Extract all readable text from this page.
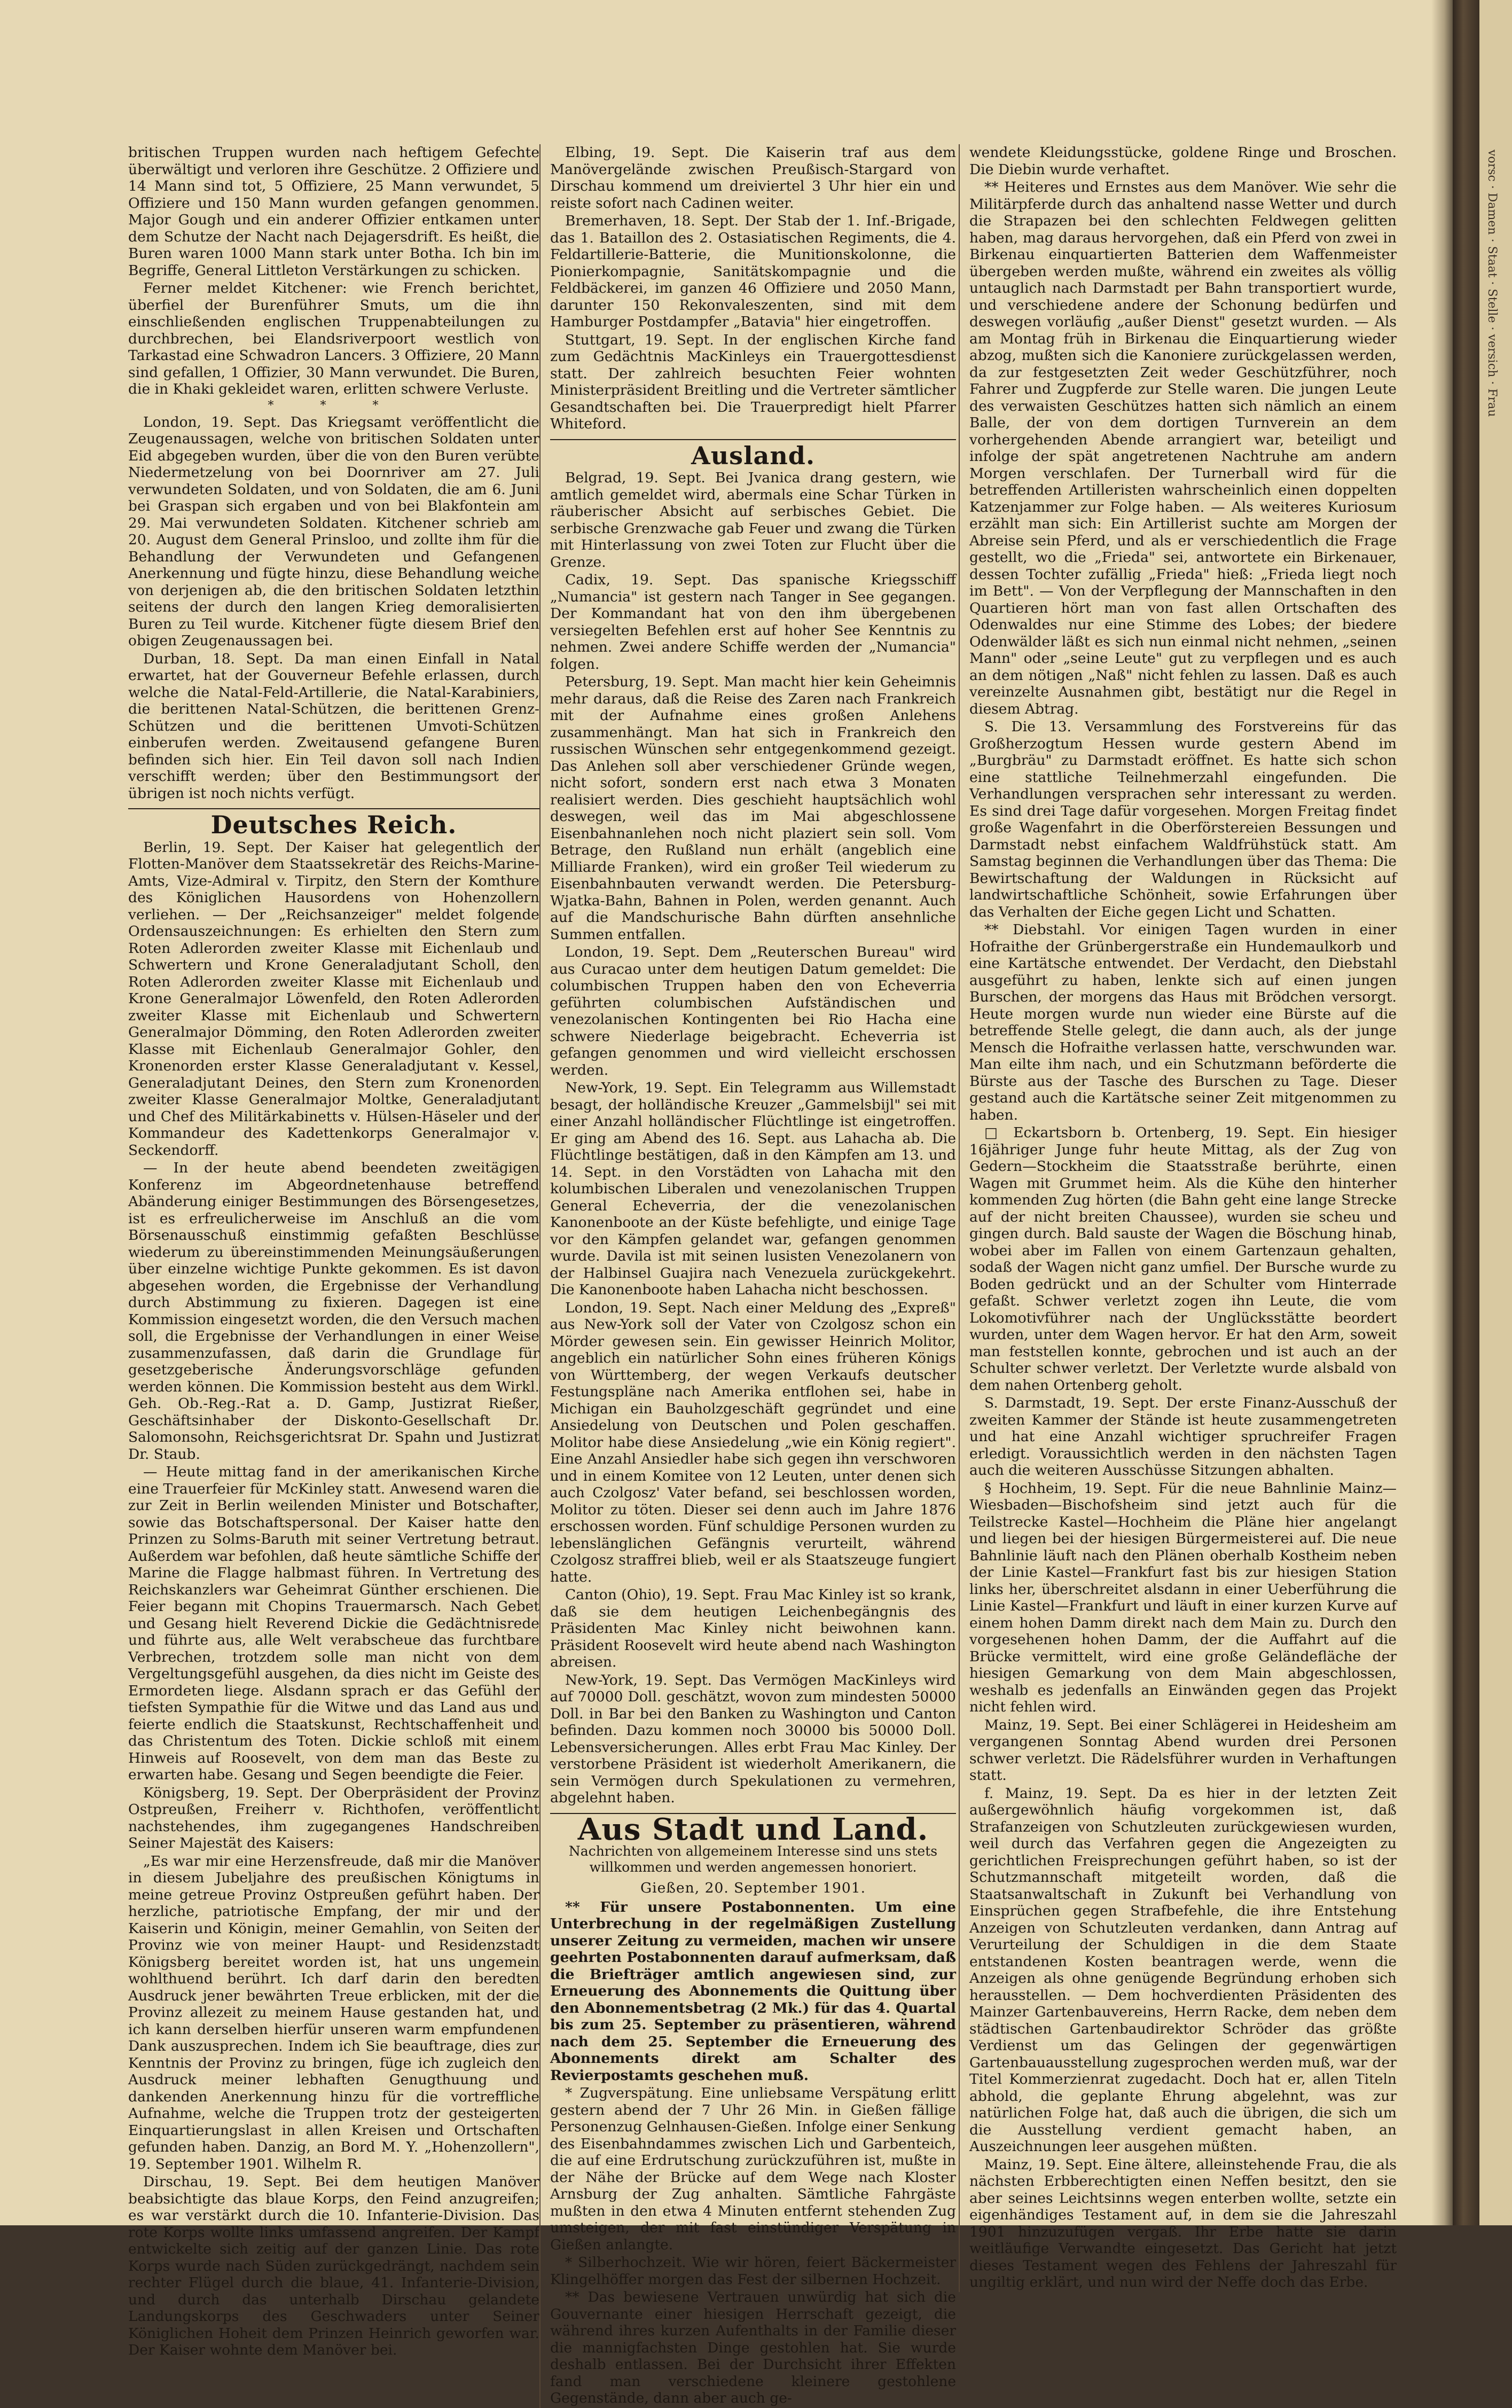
britischen Truppen wurden nach heftigem Gefechte überwältigt und verloren ihre Geschütze. 2 Offiziere und 14 Mann sind tot, 5 Offiziere, 25 Mann verwundet, 5 Offiziere und 150 Mann wurden gefangen genommen. Major Gough und ein anderer Offizier entkamen unter dem Schutze der Nacht nach Dejagersdrift. Es heißt, die Buren waren 1000 Mann stark unter Botha. Ich bin im Begriffe, General Littleton Verstärkungen zu schicken.

Ferner meldet Kitchener: wie French berichtet, überfiel der Burenführer Smuts, um die ihn einschließenden englischen Truppenabteilungen zu durchbrechen, bei Elandsriverpoort westlich von Tarkastad eine Schwadron Lancers. 3 Offiziere, 20 Mann sind gefallen, 1 Offizier, 30 Mann verwundet. Die Buren, die in Khaki gekleidet waren, erlitten schwere Verluste.

* * *

London, 19. Sept. Das Kriegsamt veröffentlicht die Zeugenaussagen, welche von britischen Soldaten unter Eid abgegeben wurden, über die von den Buren verübte Niedermetzelung von bei Doornriver am 27. Juli verwundeten Soldaten, und von Soldaten, die am 6. Juni bei Graspan sich ergaben und von bei Blakfontein am 29. Mai verwundeten Soldaten. Kitchener schrieb am 20. August dem General Prinsloo, und zollte ihm für die Behandlung der Verwundeten und Gefangenen Anerkennung und fügte hinzu, diese Behandlung weiche von derjenigen ab, die den britischen Soldaten letzthin seitens der durch den langen Krieg demoralisierten Buren zu Teil wurde. Kitchener fügte diesem Brief den obigen Zeugenaussagen bei.

Durban, 18. Sept. Da man einen Einfall in Natal erwartet, hat der Gouverneur Befehle erlassen, durch welche die Natal-Feld-Artillerie, die Natal-Karabiniers, die berittenen Natal-Schützen, die berittenen Grenz-Schützen und die berittenen Umvoti-Schützen einberufen werden. Zweitausend gefangene Buren befinden sich hier. Ein Teil davon soll nach Indien verschifft werden; über den Bestimmungsort der übrigen ist noch nichts verfügt.

Deutsches Reich.

Berlin, 19. Sept. Der Kaiser hat gelegentlich der Flotten-Manöver dem Staatssekretär des Reichs-Marine-Amts, Vize-Admiral v. Tirpitz, den Stern der Komthure des Königlichen Hausordens von Hohenzollern verliehen. — Der „Reichsanzeiger" meldet folgende Ordensauszeichnungen: Es erhielten den Stern zum Roten Adlerorden zweiter Klasse mit Eichenlaub und Schwertern und Krone Generaladjutant Scholl, den Roten Adlerorden zweiter Klasse mit Eichenlaub und Krone Generalmajor Löwenfeld, den Roten Adlerorden zweiter Klasse mit Eichenlaub und Schwertern Generalmajor Dömming, den Roten Adlerorden zweiter Klasse mit Eichenlaub Generalmajor Gohler, den Kronenorden erster Klasse Generaladjutant v. Kessel, Generaladjutant Deines, den Stern zum Kronenorden zweiter Klasse Generalmajor Moltke, Generaladjutant und Chef des Militärkabinetts v. Hülsen-Häseler und der Kommandeur des Kadettenkorps Generalmajor v. Seckendorff.

— In der heute abend beendeten zweitägigen Konferenz im Abgeordnetenhause betreffend Abänderung einiger Bestimmungen des Börsengesetzes, ist es erfreulicherweise im Anschluß an die vom Börsenausschuß einstimmig gefaßten Beschlüsse wiederum zu übereinstimmenden Meinungsäußerungen über einzelne wichtige Punkte gekommen. Es ist davon abgesehen worden, die Ergebnisse der Verhandlung durch Abstimmung zu fixieren. Dagegen ist eine Kommission eingesetzt worden, die den Versuch machen soll, die Ergebnisse der Verhandlungen in einer Weise zusammenzufassen, daß darin die Grundlage für gesetzgeberische Änderungsvorschläge gefunden werden können. Die Kommission besteht aus dem Wirkl. Geh. Ob.-Reg.-Rat a. D. Gamp, Justizrat Rießer, Geschäftsinhaber der Diskonto-Gesellschaft Dr. Salomonsohn, Reichsgerichtsrat Dr. Spahn und Justizrat Dr. Staub.

— Heute mittag fand in der amerikanischen Kirche eine Trauerfeier für McKinley statt. Anwesend waren die zur Zeit in Berlin weilenden Minister und Botschafter, sowie das Botschaftspersonal. Der Kaiser hatte den Prinzen zu Solms-Baruth mit seiner Vertretung betraut. Außerdem war befohlen, daß heute sämtliche Schiffe der Marine die Flagge halbmast führen. In Vertretung des Reichskanzlers war Geheimrat Günther erschienen. Die Feier begann mit Chopins Trauermarsch. Nach Gebet und Gesang hielt Reverend Dickie die Gedächtnisrede und führte aus, alle Welt verabscheue das furchtbare Verbrechen, trotzdem solle man nicht von dem Vergeltungsgefühl ausgehen, da dies nicht im Geiste des Ermordeten liege. Alsdann sprach er das Gefühl der tiefsten Sympathie für die Witwe und das Land aus und feierte endlich die Staatskunst, Rechtschaffenheit und das Christentum des Toten. Dickie schloß mit einem Hinweis auf Roosevelt, von dem man das Beste zu erwarten habe. Gesang und Segen beendigte die Feier.

Königsberg, 19. Sept. Der Oberpräsident der Provinz Ostpreußen, Freiherr v. Richthofen, veröffentlicht nachstehendes, ihm zugegangenes Handschreiben Seiner Majestät des Kaisers:

„Es war mir eine Herzensfreude, daß mir die Manöver in diesem Jubeljahre des preußischen Königtums in meine getreue Provinz Ostpreußen geführt haben. Der herzliche, patriotische Empfang, der mir und der Kaiserin und Königin, meiner Gemahlin, von Seiten der Provinz wie von meiner Haupt- und Residenzstadt Königsberg bereitet worden ist, hat uns ungemein wohlthuend berührt. Ich darf darin den beredten Ausdruck jener bewährten Treue erblicken, mit der die Provinz allezeit zu meinem Hause gestanden hat, und ich kann derselben hierfür unseren warm empfundenen Dank auszusprechen. Indem ich Sie beauftrage, dies zur Kenntnis der Provinz zu bringen, füge ich zugleich den Ausdruck meiner lebhaften Genugthuung und dankenden Anerkennung hinzu für die vortreffliche Aufnahme, welche die Truppen trotz der gesteigerten Einquartierungslast in allen Kreisen und Ortschaften gefunden haben. Danzig, an Bord M. Y. „Hohenzollern", 19. September 1901. Wilhelm R.

Dirschau, 19. Sept. Bei dem heutigen Manöver beabsichtigte das blaue Korps, den Feind anzugreifen; es war verstärkt durch die 10. Infanterie-Division. Das rote Korps wollte links umfassend angreifen. Der Kampf entwickelte sich zeitig auf der ganzen Linie. Das rote Korps wurde nach Süden zurückgedrängt, nachdem sein rechter Flügel durch die blaue, 41. Infanterie-Division, und durch das unterhalb Dirschau gelandete Landungskorps des Geschwaders unter Seiner Königlichen Hoheit dem Prinzen Heinrich geworfen war. Der Kaiser wohnte dem Manöver bei.

Elbing, 19. Sept. Die Kaiserin traf aus dem Manövergelände zwischen Preußisch-Stargard von Dirschau kommend um dreiviertel 3 Uhr hier ein und reiste sofort nach Cadinen weiter.

Bremerhaven, 18. Sept. Der Stab der 1. Inf.-Brigade, das 1. Bataillon des 2. Ostasiatischen Regiments, die 4. Feldartillerie-Batterie, die Munitionskolonne, die Pionierkompagnie, Sanitätskompagnie und die Feldbäckerei, im ganzen 46 Offiziere und 2050 Mann, darunter 150 Rekonvaleszenten, sind mit dem Hamburger Postdampfer „Batavia" hier eingetroffen.

Stuttgart, 19. Sept. In der englischen Kirche fand zum Gedächtnis MacKinleys ein Trauergottesdienst statt. Der zahlreich besuchten Feier wohnten Ministerpräsident Breitling und die Vertreter sämtlicher Gesandtschaften bei. Die Trauerpredigt hielt Pfarrer Whiteford.

Ausland.

Belgrad, 19. Sept. Bei Jvanica drang gestern, wie amtlich gemeldet wird, abermals eine Schar Türken in räuberischer Absicht auf serbisches Gebiet. Die serbische Grenzwache gab Feuer und zwang die Türken mit Hinterlassung von zwei Toten zur Flucht über die Grenze.

Cadix, 19. Sept. Das spanische Kriegsschiff „Numancia" ist gestern nach Tanger in See gegangen. Der Kommandant hat von den ihm übergebenen versiegelten Befehlen erst auf hoher See Kenntnis zu nehmen. Zwei andere Schiffe werden der „Numancia" folgen.

Petersburg, 19. Sept. Man macht hier kein Geheimnis mehr daraus, daß die Reise des Zaren nach Frankreich mit der Aufnahme eines großen Anlehens zusammenhängt. Man hat sich in Frankreich den russischen Wünschen sehr entgegenkommend gezeigt. Das Anlehen soll aber verschiedener Gründe wegen, nicht sofort, sondern erst nach etwa 3 Monaten realisiert werden. Dies geschieht hauptsächlich wohl deswegen, weil das im Mai abgeschlossene Eisenbahnanlehen noch nicht plaziert sein soll. Vom Betrage, den Rußland nun erhält (angeblich eine Milliarde Franken), wird ein großer Teil wiederum zu Eisenbahnbauten verwandt werden. Die Petersburg-Wjatka-Bahn, Bahnen in Polen, werden genannt. Auch auf die Mandschurische Bahn dürften ansehnliche Summen entfallen.

London, 19. Sept. Dem „Reuterschen Bureau" wird aus Curacao unter dem heutigen Datum gemeldet: Die columbischen Truppen haben den von Echeverria geführten columbischen Aufständischen und venezolanischen Kontingenten bei Rio Hacha eine schwere Niederlage beigebracht. Echeverria ist gefangen genommen und wird vielleicht erschossen werden.

New-York, 19. Sept. Ein Telegramm aus Willemstadt besagt, der holländische Kreuzer „Gammelsbijl" sei mit einer Anzahl holländischer Flüchtlinge ist eingetroffen. Er ging am Abend des 16. Sept. aus Lahacha ab. Die Flüchtlinge bestätigen, daß in den Kämpfen am 13. und 14. Sept. in den Vorstädten von Lahacha mit den kolumbischen Liberalen und venezolanischen Truppen General Echeverria, der die venezolanischen Kanonenboote an der Küste befehligte, und einige Tage vor den Kämpfen gelandet war, gefangen genommen wurde. Davila ist mit seinen lusisten Venezolanern von der Halbinsel Guajira nach Venezuela zurückgekehrt. Die Kanonenboote haben Lahacha nicht beschossen.

London, 19. Sept. Nach einer Meldung des „Expreß" aus New-York soll der Vater von Czolgosz schon ein Mörder gewesen sein. Ein gewisser Heinrich Molitor, angeblich ein natürlicher Sohn eines früheren Königs von Württemberg, der wegen Verkaufs deutscher Festungspläne nach Amerika entflohen sei, habe in Michigan ein Bauholzgeschäft gegründet und eine Ansiedelung von Deutschen und Polen geschaffen. Molitor habe diese Ansiedelung „wie ein König regiert". Eine Anzahl Ansiedler habe sich gegen ihn verschworen und in einem Komitee von 12 Leuten, unter denen sich auch Czolgosz' Vater befand, sei beschlossen worden, Molitor zu töten. Dieser sei denn auch im Jahre 1876 erschossen worden. Fünf schuldige Personen wurden zu lebenslänglichen Gefängnis verurteilt, während Czolgosz straffrei blieb, weil er als Staatszeuge fungiert hatte.

Canton (Ohio), 19. Sept. Frau Mac Kinley ist so krank, daß sie dem heutigen Leichenbegängnis des Präsidenten Mac Kinley nicht beiwohnen kann. Präsident Roosevelt wird heute abend nach Washington abreisen.

New-York, 19. Sept. Das Vermögen MacKinleys wird auf 70000 Doll. geschätzt, wovon zum mindesten 50000 Doll. in Bar bei den Banken zu Washington und Canton befinden. Dazu kommen noch 30000 bis 50000 Doll. Lebensversicherungen. Alles erbt Frau Mac Kinley. Der verstorbene Präsident ist wiederholt Amerikanern, die sein Vermögen durch Spekulationen zu vermehren, abgelehnt haben.

Aus Stadt und Land.
Nachrichten von allgemeinem Interesse sind uns stets willkommen und werden angemessen honoriert.
Gießen, 20. September 1901.

** Für unsere Postabonnenten. Um eine Unterbrechung in der regelmäßigen Zustellung unserer Zeitung zu vermeiden, machen wir unsere geehrten Postabonnenten darauf aufmerksam, daß die Briefträger amtlich angewiesen sind, zur Erneuerung des Abonnements die Quittung über den Abonnementsbetrag (2 Mk.) für das 4. Quartal bis zum 25. September zu präsentieren, während nach dem 25. September die Erneuerung des Abonnements direkt am Schalter des Revierpostamts geschehen muß.

* Zugverspätung. Eine unliebsame Verspätung erlitt gestern abend der 7 Uhr 26 Min. in Gießen fällige Personenzug Gelnhausen-Gießen. Infolge einer Senkung des Eisenbahndammes zwischen Lich und Garbenteich, die auf eine Erdrutschung zurückzuführen ist, mußte in der Nähe der Brücke auf dem Wege nach Kloster Arnsburg der Zug anhalten. Sämtliche Fahrgäste mußten in den etwa 4 Minuten entfernt stehenden Zug umsteigen, der mit fast einstündiger Verspätung in Gießen anlangte.

* Silberhochzeit. Wie wir hören, feiert Bäckermeister Klingelhöffer morgen das Fest der silbernen Hochzeit.

** Das bewiesene Vertrauen unwürdig hat sich die Gouvernante einer hiesigen Herrschaft gezeigt, die während ihres kurzen Aufenthalts in der Familie dieser die mannigfachsten Dinge gestohlen hat. Sie wurde deshalb entlassen. Bei der Durchsicht ihrer Effekten fand man verschiedene kleinere gestohlene Gegenstände, dann aber auch ge-

wendete Kleidungsstücke, goldene Ringe und Broschen. Die Diebin wurde verhaftet.

** Heiteres und Ernstes aus dem Manöver. Wie sehr die Militärpferde durch das anhaltend nasse Wetter und durch die Strapazen bei den schlechten Feldwegen gelitten haben, mag daraus hervorgehen, daß ein Pferd von zwei in Birkenau einquartierten Batterien dem Waffenmeister übergeben werden mußte, während ein zweites als völlig untauglich nach Darmstadt per Bahn transportiert wurde, und verschiedene andere der Schonung bedürfen und deswegen vorläufig „außer Dienst" gesetzt wurden. — Als am Montag früh in Birkenau die Einquartierung wieder abzog, mußten sich die Kanoniere zurückgelassen werden, da zur festgesetzten Zeit weder Geschützführer, noch Fahrer und Zugpferde zur Stelle waren. Die jungen Leute des verwaisten Geschützes hatten sich nämlich an einem Balle, der von dem dortigen Turnverein an dem vorhergehenden Abende arrangiert war, beteiligt und infolge der spät angetretenen Nachtruhe am andern Morgen verschlafen. Der Turnerball wird für die betreffenden Artilleristen wahrscheinlich einen doppelten Katzenjammer zur Folge haben. — Als weiteres Kuriosum erzählt man sich: Ein Artillerist suchte am Morgen der Abreise sein Pferd, und als er verschiedentlich die Frage gestellt, wo die „Frieda" sei, antwortete ein Birkenauer, dessen Tochter zufällig „Frieda" hieß: „Frieda liegt noch im Bett". — Von der Verpflegung der Mannschaften in den Quartieren hört man von fast allen Ortschaften des Odenwaldes nur eine Stimme des Lobes; der biedere Odenwälder läßt es sich nun einmal nicht nehmen, „seinen Mann" oder „seine Leute" gut zu verpflegen und es auch an dem nötigen „Naß" nicht fehlen zu lassen. Daß es auch vereinzelte Ausnahmen gibt, bestätigt nur die Regel in diesem Abtrag.

S. Die 13. Versammlung des Forstvereins für das Großherzogtum Hessen wurde gestern Abend im „Burgbräu" zu Darmstadt eröffnet. Es hatte sich schon eine stattliche Teilnehmerzahl eingefunden. Die Verhandlungen versprachen sehr interessant zu werden. Es sind drei Tage dafür vorgesehen. Morgen Freitag findet große Wagenfahrt in die Oberförstereien Bessungen und Darmstadt nebst einfachem Waldfrühstück statt. Am Samstag beginnen die Verhandlungen über das Thema: Die Bewirtschaftung der Waldungen in Rücksicht auf landwirtschaftliche Schönheit, sowie Erfahrungen über das Verhalten der Eiche gegen Licht und Schatten.

** Diebstahl. Vor einigen Tagen wurden in einer Hofraithe der Grünbergerstraße ein Hundemaulkorb und eine Kartätsche entwendet. Der Verdacht, den Diebstahl ausgeführt zu haben, lenkte sich auf einen jungen Burschen, der morgens das Haus mit Brödchen versorgt. Heute morgen wurde nun wieder eine Bürste auf die betreffende Stelle gelegt, die dann auch, als der junge Mensch die Hofraithe verlassen hatte, verschwunden war. Man eilte ihm nach, und ein Schutzmann beförderte die Bürste aus der Tasche des Burschen zu Tage. Dieser gestand auch die Kartätsche seiner Zeit mitgenommen zu haben.

□ Eckartsborn b. Ortenberg, 19. Sept. Ein hiesiger 16jähriger Junge fuhr heute Mittag, als der Zug von Gedern—Stockheim die Staatsstraße berührte, einen Wagen mit Grummet heim. Als die Kühe den hinterher kommenden Zug hörten (die Bahn geht eine lange Strecke auf der nicht breiten Chaussee), wurden sie scheu und gingen durch. Bald sauste der Wagen die Böschung hinab, wobei aber im Fallen von einem Gartenzaun gehalten, sodaß der Wagen nicht ganz umfiel. Der Bursche wurde zu Boden gedrückt und an der Schulter vom Hinterrade gefaßt. Schwer verletzt zogen ihn Leute, die vom Lokomotivführer nach der Unglücksstätte beordert wurden, unter dem Wagen hervor. Er hat den Arm, soweit man feststellen konnte, gebrochen und ist auch an der Schulter schwer verletzt. Der Verletzte wurde alsbald von dem nahen Ortenberg geholt.

S. Darmstadt, 19. Sept. Der erste Finanz-Ausschuß der zweiten Kammer der Stände ist heute zusammengetreten und hat eine Anzahl wichtiger spruchreifer Fragen erledigt. Voraussichtlich werden in den nächsten Tagen auch die weiteren Ausschüsse Sitzungen abhalten.

§ Hochheim, 19. Sept. Für die neue Bahnlinie Mainz—Wiesbaden—Bischofsheim sind jetzt auch für die Teilstrecke Kastel—Hochheim die Pläne hier angelangt und liegen bei der hiesigen Bürgermeisterei auf. Die neue Bahnlinie läuft nach den Plänen oberhalb Kostheim neben der Linie Kastel—Frankfurt fast bis zur hiesigen Station links her, überschreitet alsdann in einer Ueberführung die Linie Kastel—Frankfurt und läuft in einer kurzen Kurve auf einem hohen Damm direkt nach dem Main zu. Durch den vorgesehenen hohen Damm, der die Auffahrt auf die Brücke vermittelt, wird eine große Geländefläche der hiesigen Gemarkung von dem Main abgeschlossen, weshalb es jedenfalls an Einwänden gegen das Projekt nicht fehlen wird.

Mainz, 19. Sept. Bei einer Schlägerei in Heidesheim am vergangenen Sonntag Abend wurden drei Personen schwer verletzt. Die Rädelsführer wurden in Verhaftungen statt.

f. Mainz, 19. Sept. Da es hier in der letzten Zeit außergewöhnlich häufig vorgekommen ist, daß Strafanzeigen von Schutzleuten zurückgewiesen wurden, weil durch das Verfahren gegen die Angezeigten zu gerichtlichen Freisprechungen geführt haben, so ist der Schutzmannschaft mitgeteilt worden, daß die Staatsanwaltschaft in Zukunft bei Verhandlung von Einsprüchen gegen Strafbefehle, die ihre Entstehung Anzeigen von Schutzleuten verdanken, dann Antrag auf Verurteilung der Schuldigen in die dem Staate entstandenen Kosten beantragen werde, wenn die Anzeigen als ohne genügende Begründung erhoben sich herausstellen. — Dem hochverdienten Präsidenten des Mainzer Gartenbauvereins, Herrn Racke, dem neben dem städtischen Gartenbaudirektor Schröder das größte Verdienst um das Gelingen der gegenwärtigen Gartenbauausstellung zugesprochen werden muß, war der Titel Kommerzienrat zugedacht. Doch hat er, allen Titeln abhold, die geplante Ehrung abgelehnt, was zur natürlichen Folge hat, daß auch die übrigen, die sich um die Ausstellung verdient gemacht haben, an Auszeichnungen leer ausgehen müßten.

Mainz, 19. Sept. Eine ältere, alleinstehende Frau, die als nächsten Erbberechtigten einen Neffen besitzt, den sie aber seines Leichtsinns wegen enterben wollte, setzte ein eigenhändiges Testament auf, in dem sie die Jahreszahl 1901 hinzuzufügen vergaß. Ihr Erbe hatte sie darin weitläufige Verwandte eingesetzt. Das Gericht hat jetzt dieses Testament wegen des Fehlens der Jahreszahl für ungiltig erklärt, und nun wird der Neffe doch das Erbe.

vorsc · Damen · Staat · Stelle · versich · Frau
